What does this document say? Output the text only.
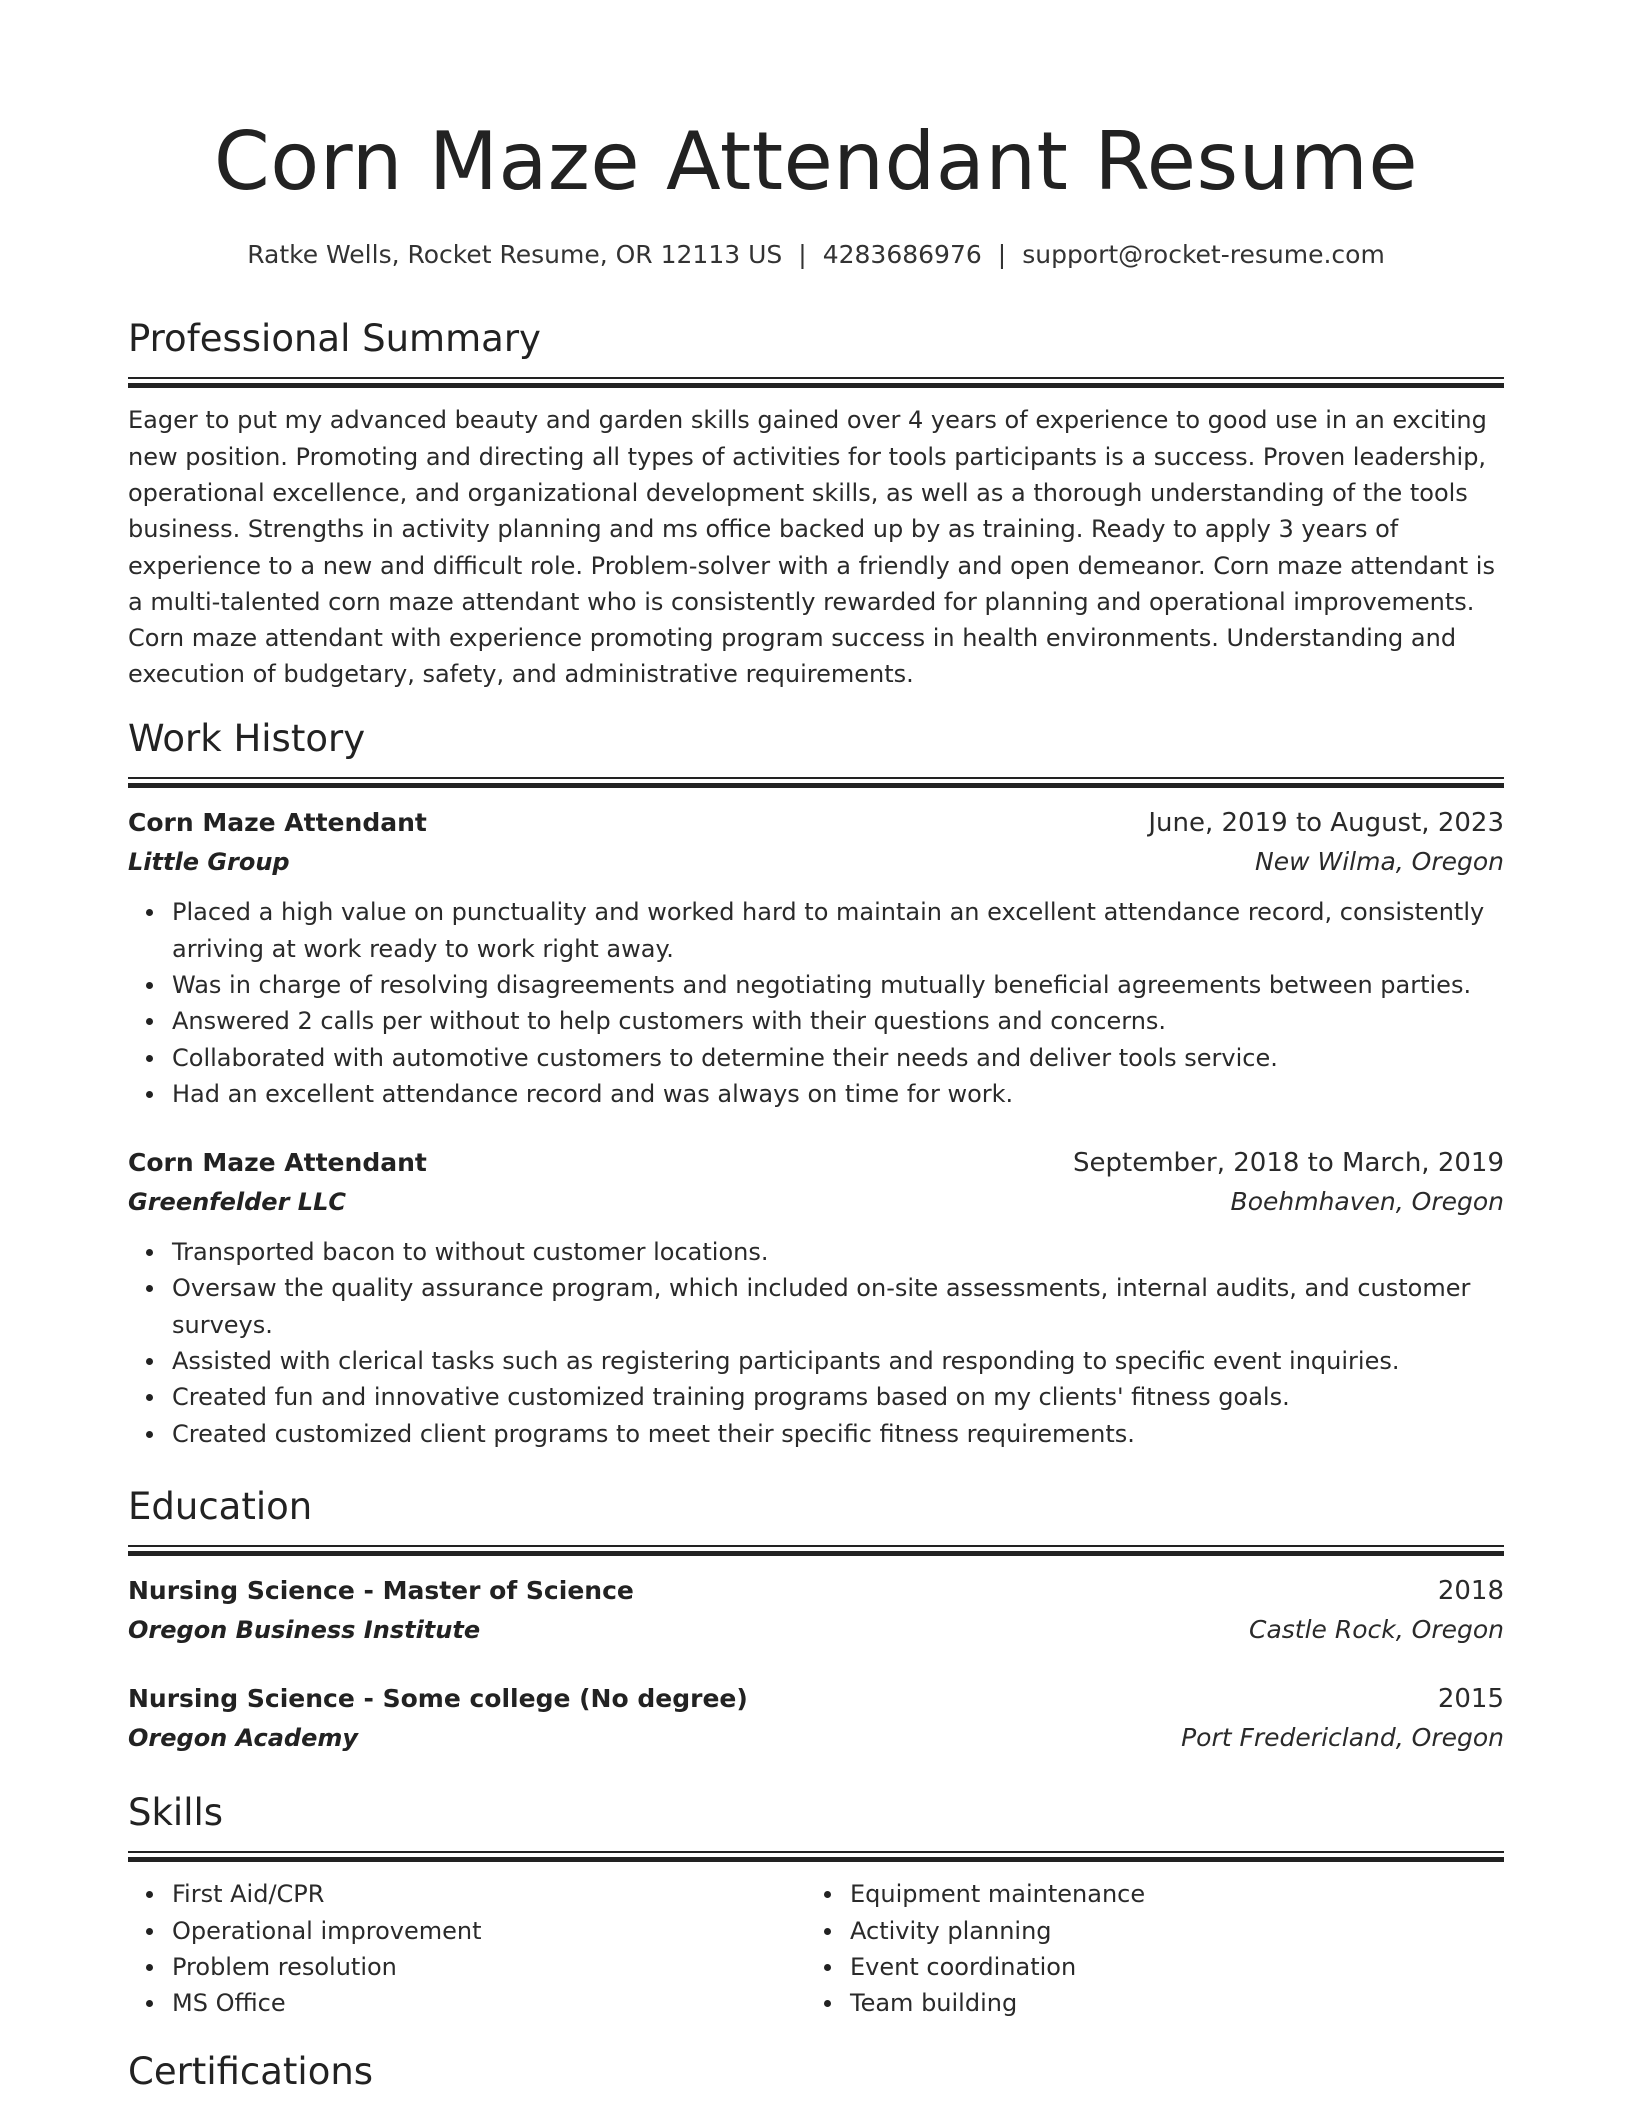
Corn Maze Attendant Resume
Ratke Wells, Rocket Resume, OR 12113 US | 4283686976 | support@rocket-resume.com
Professional Summary

Eager to put my advanced beauty and garden skills gained over 4 years of experience to good use in an exciting new position. Promoting and directing all types of activities for tools participants is a success. Proven leadership, operational excellence, and organizational development skills, as well as a thorough understanding of the tools business. Strengths in activity planning and ms office backed up by as training. Ready to apply 3 years of experience to a new and difficult role. Problem-solver with a friendly and open demeanor. Corn maze attendant is a multi-talented corn maze attendant who is consistently rewarded for planning and operational improvements. Corn maze attendant with experience promoting program success in health environments. Understanding and execution of budgetary, safety, and administrative requirements.

Work History
Corn Maze Attendant	June, 2019 to August, 2023
Little Group	New Wilma, Oregon
Placed a high value on punctuality and worked hard to maintain an excellent attendance record, consistently arriving at work ready to work right away.
Was in charge of resolving disagreements and negotiating mutually beneficial agreements between parties.
Answered 2 calls per without to help customers with their questions and concerns.
Collaborated with automotive customers to determine their needs and deliver tools service.
Had an excellent attendance record and was always on time for work.
Corn Maze Attendant	September, 2018 to March, 2019
Greenfelder LLC	Boehmhaven, Oregon
Transported bacon to without customer locations.
Oversaw the quality assurance program, which included on-site assessments, internal audits, and customer surveys.
Assisted with clerical tasks such as registering participants and responding to specific event inquiries.
Created fun and innovative customized training programs based on my clients' fitness goals.
Created customized client programs to meet their specific fitness requirements.
Education
Nursing Science - Master of Science	2018
Oregon Business Institute	Castle Rock, Oregon
Nursing Science - Some college (No degree)	2015
Oregon Academy	Port Fredericland, Oregon
Skills
First Aid/CPR
Operational improvement
Problem resolution
MS Office
Equipment maintenance
Activity planning
Event coordination
Team building
Certifications
